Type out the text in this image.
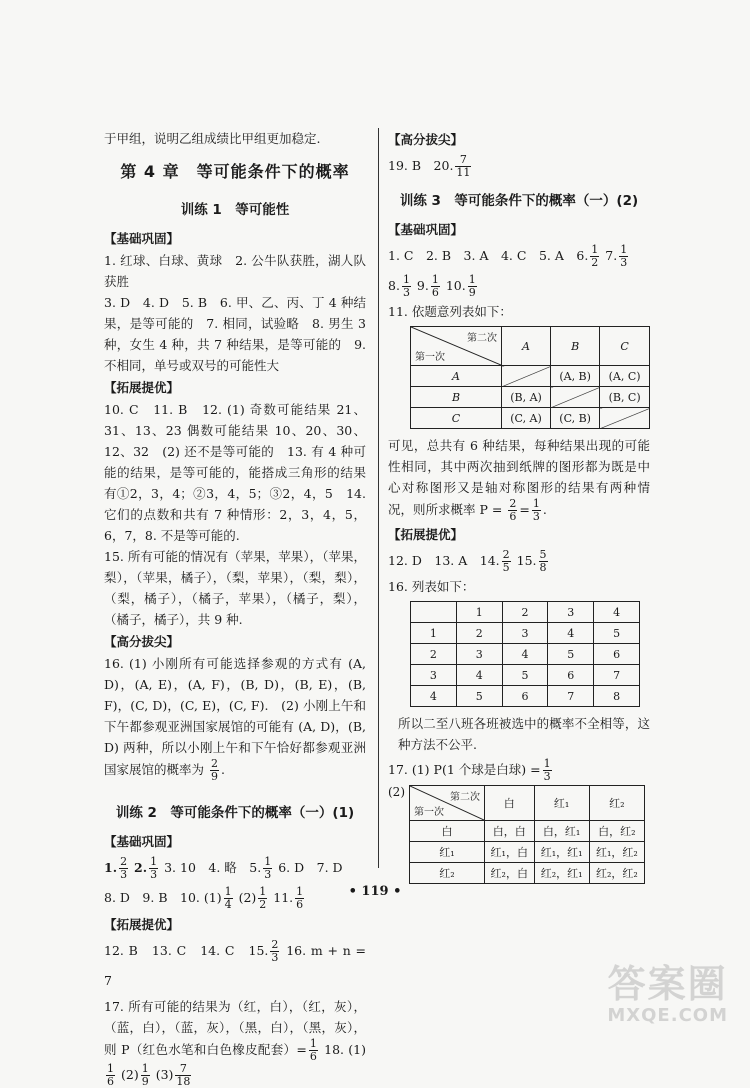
于甲组，说明乙组成绩比甲组更加稳定.

第 4 章　等可能条件下的概率
训练 1　等可能性
【基础巩固】

1. 红球、白球、黄球　2. 公牛队获胜，湖人队获胜

3. D　4. D　5. B　6. 甲、乙、丙、丁 4 种结果，是等可能的　7. 相同，试验略　8. 男生 3 种，女生 4 种，共 7 种结果，是等可能的　9. 不相同，单号或双号的可能性大

【拓展提优】

10. C　11. B　12. (1) 奇数可能结果 21、31、13、23 偶数可能结果 10、20、30、12、32　(2) 还不是等可能的　13. 有 4 种可能的结果，是等可能的，能搭成三角形的结果有①2，3，4；②3，4，5；③2，4，5　14. 它们的点数和共有 7 种情形：2，3，4，5，6，7，8. 不是等可能的.

15. 所有可能的情况有（苹果，苹果），（苹果，梨），（苹果，橘子），（梨，苹果），（梨，梨），（梨，橘子），（橘子，苹果），（橘子，梨），（橘子，橘子），共 9 种.

【高分拔尖】

16. (1) 小刚所有可能选择参观的方式有 (A, D)，(A, E)，(A, F)，(B, D)，(B, E)，(B, F)，(C, D)，(C, E)，(C, F).　(2) 小刚上午和下午都参观亚洲国家展馆的可能有 (A, D)，(B, D) 两种，所以小刚上午和下午恰好都参观亚洲国家展馆的概率为 $\frac{2}{9}$ .

训练 2　等可能条件下的概率（一）(1)
【基础巩固】

1. $\frac{2}{3} 2$. $\frac{1}{3} 3$. 10　4. 略　5. $\frac{1}{3} 6$. D　7. D

8. D　9. B　10. $(1) \frac{1}{4} (2) \frac{1}{2} 11$. $\frac{1}{6}$

【拓展提优】

12. B　13. C　14. C　15. $\frac{2}{3} 16$. m + n = 7

17. 所有可能的结果为（红，白），（红，灰），（蓝，白），（蓝，灰），（黑，白），（黑，灰），则 P（红色水笔和白色橡皮配套）= $\frac{1}{6} 18$. (1)
$\frac{1}{6} (2) \frac{1}{9} (3) \frac{7}{18}$

【高分拔尖】

19. B　20. $\frac{7}{11}$

训练 3　等可能条件下的概率（一）(2)
【基础巩固】

1. C　2. B　3. A　4. C　5. A　6. $\frac{1}{2} 7$. $\frac{1}{3}$

8. $\frac{1}{3} 9$. $\frac{1}{6} 10$. $\frac{1}{9}$

11. 依题意列表如下：

第二次
第一次	A	B	C
A		(A, B)	(A, C)
B	(B, A)		(B, C)
C	(C, A)	(C, B)	

可见，总共有 6 种结果，每种结果出现的可能性相同，其中两次抽到纸牌的图形都为既是中心对称图形又是轴对称图形的结果有两种情况，则所求概率 $P = \frac{2}{6} = \frac{1}{3}$ .

【拓展提优】

12. D　13. A　14. $\frac{2}{5} 15$. $\frac{5}{8}$

16. 列表如下：

	1	2	3	4
1	2	3	4	5
2	3	4	5	6
3	4	5	6	7
4	5	6	7	8

所以二至八班各班被选中的概率不全相等，这种方法不公平.

17. (1) P(1 个球是白球) = $\frac{1}{3}$

(2)	第二次
第一次	白	红₁	红₂
白	白，白	白，红₁	白，红₂
红₁	红₁，白	红₁，红₁	红₁，红₂
红₂	红₂，白	红₂，红₁	红₂，红₂
• 119 •
答案圈
MXQE.COM
